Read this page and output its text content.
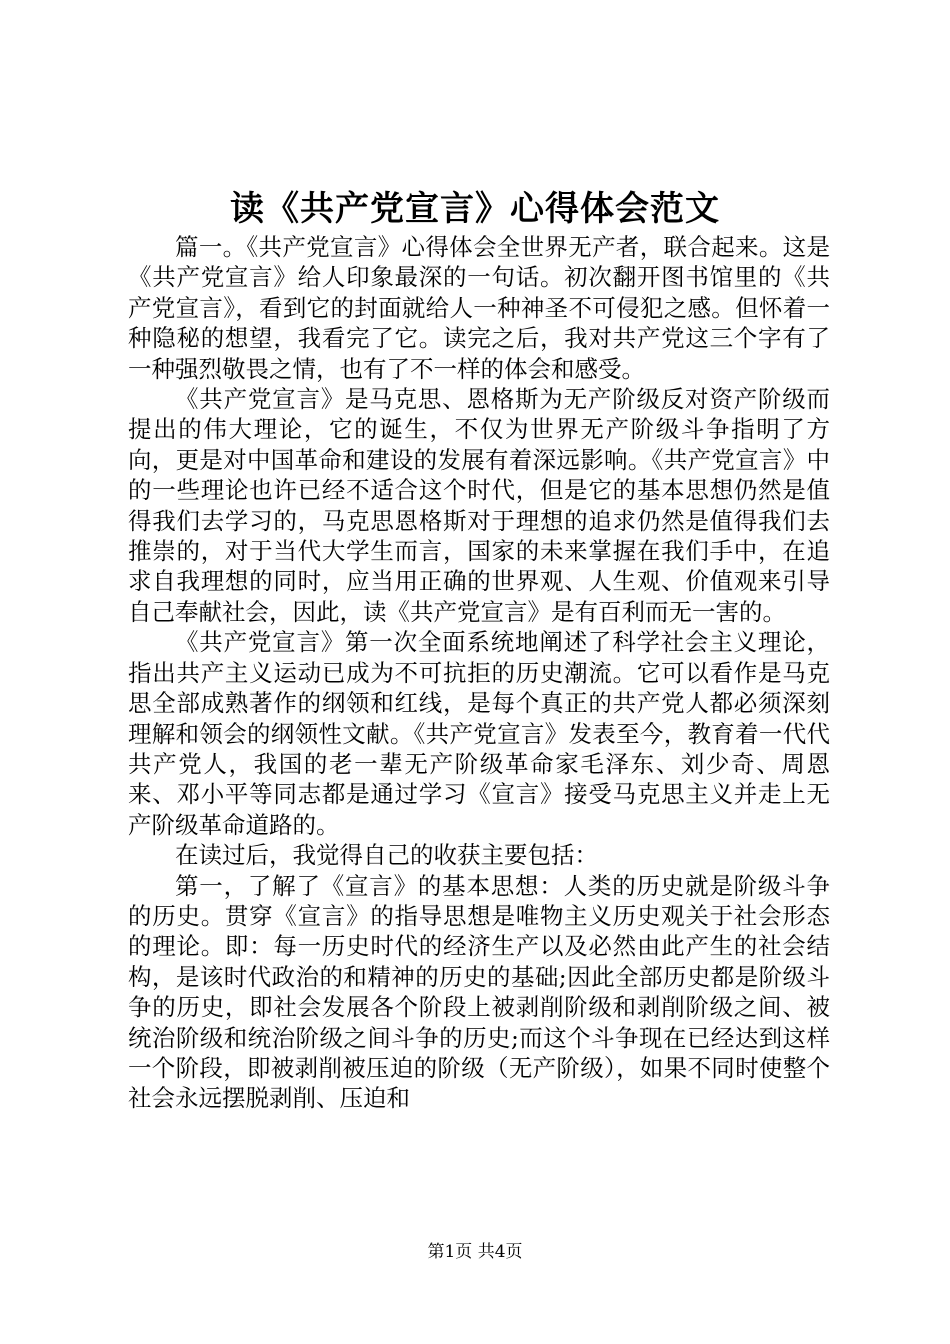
读《共产党宣言》心得体会范文

篇一。《共产党宣言》心得体会全世界无产者，联合起来。这是《共产党宣言》给人印象最深的一句话。初次翻开图书馆里的《共产党宣言》，看到它的封面就给人一种神圣不可侵犯之感。但怀着一种隐秘的想望，我看完了它。读完之后，我对共产党这三个字有了一种强烈敬畏之情，也有了不一样的体会和感受。

《共产党宣言》是马克思、恩格斯为无产阶级反对资产阶级而提出的伟大理论，它的诞生，不仅为世界无产阶级斗争指明了方向，更是对中国革命和建设的发展有着深远影响。《共产党宣言》中的一些理论也许已经不适合这个时代，但是它的基本思想仍然是值得我们去学习的，马克思恩格斯对于理想的追求仍然是值得我们去推崇的，对于当代大学生而言，国家的未来掌握在我们手中，在追求自我理想的同时，应当用正确的世界观、人生观、价值观来引导自己奉献社会，因此，读《共产党宣言》是有百利而无一害的。

《共产党宣言》第一次全面系统地阐述了科学社会主义理论，指出共产主义运动已成为不可抗拒的历史潮流。它可以看作是马克思全部成熟著作的纲领和红线，是每个真正的共产党人都必须深刻理解和领会的纲领性文献。《共产党宣言》发表至今，教育着一代代共产党人，我国的老一辈无产阶级革命家毛泽东、刘少奇、周恩来、邓小平等同志都是通过学习《宣言》接受马克思主义并走上无产阶级革命道路的。

在读过后，我觉得自己的收获主要包括：

第一，了解了《宣言》的基本思想：人类的历史就是阶级斗争的历史。贯穿《宣言》的指导思想是唯物主义历史观关于社会形态的理论。即：每一历史时代的经济生产以及必然由此产生的社会结构，是该时代政治的和精神的历史的基础;因此全部历史都是阶级斗争的历史，即社会发展各个阶段上被剥削阶级和剥削阶级之间、被统治阶级和统治阶级之间斗争的历史;而这个斗争现在已经达到这样一个阶段，即被剥削被压迫的阶级（无产阶级），如果不同时使整个社会永远摆脱剥削、压迫和

第1页 共4页
